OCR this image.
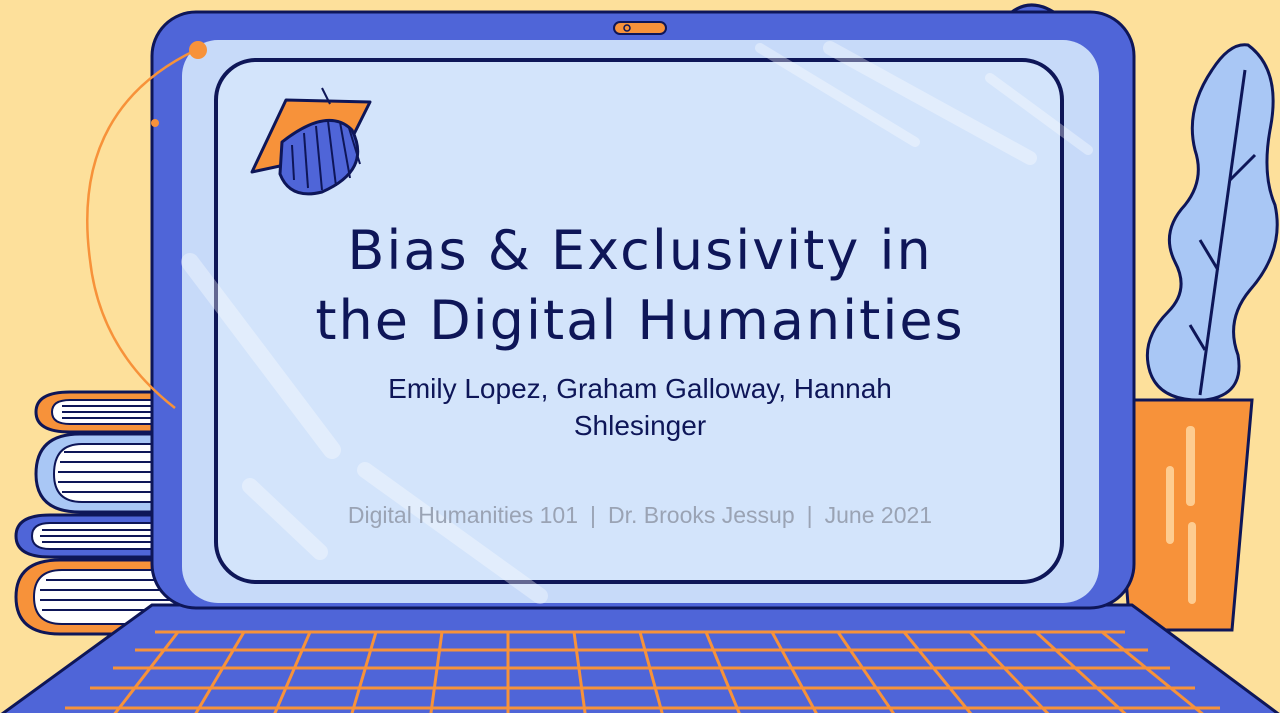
Bias & Exclusivity in
the Digital Humanities
Emily Lopez, Graham Galloway, Hannah
Shlesinger
Digital Humanities 101 | Dr. Brooks Jessup | June 2021
